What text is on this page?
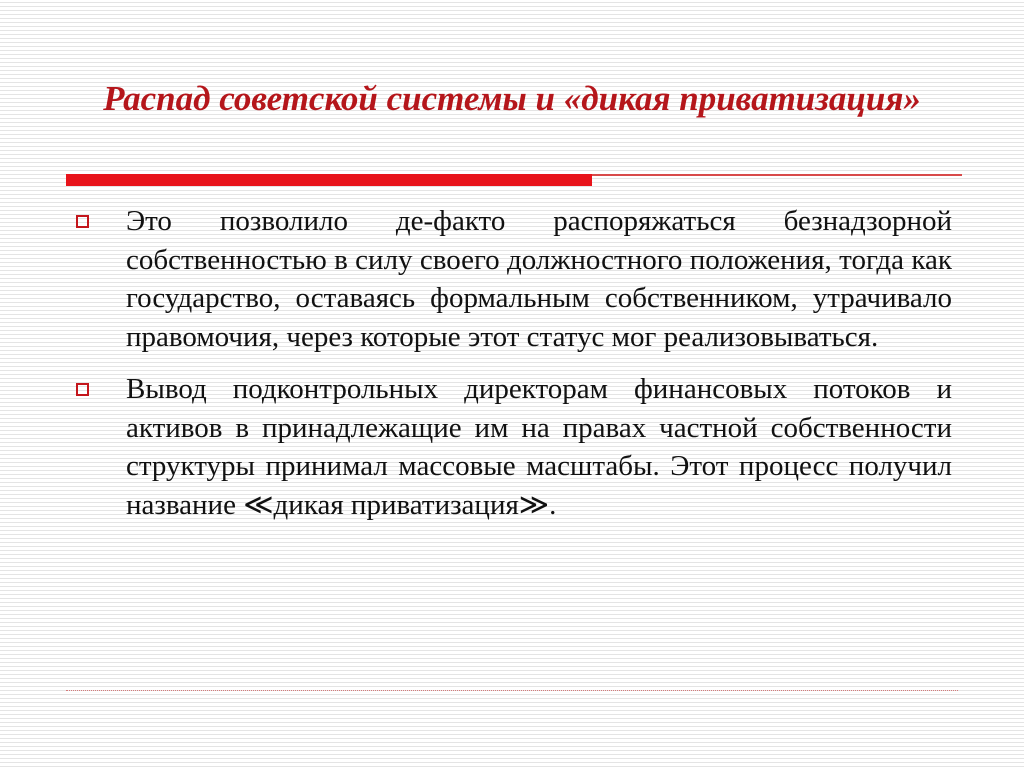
Распад советской системы и «дикая приватизация»
Это позволило де-факто распоряжаться безнадзорной собственностью в силу своего должностного положения, тогда как государство, оставаясь формальным собственником, утрачивало правомочия, через которые этот статус мог реализовываться.
Вывод подконтрольных директорам финансовых потоков и активов в принадлежащие им на правах частной собственности структуры принимал массовые масштабы. Этот процесс получил название ≪дикая приватизация≫.
